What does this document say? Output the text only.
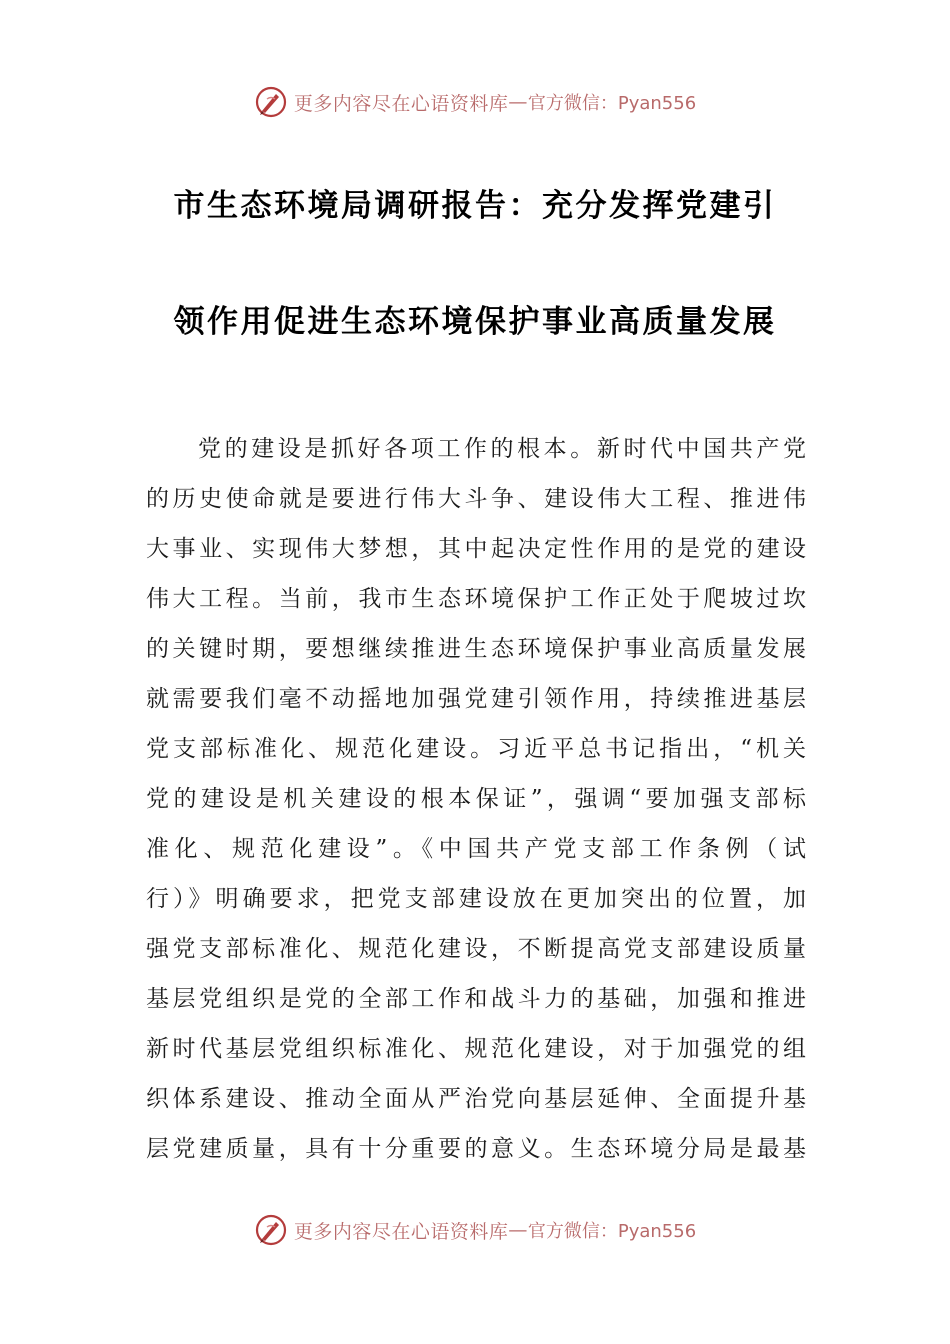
更多内容尽在心语资料库 — 官方微信：Pyan556
市生态环境局调研报告：充分发挥党建引
领作用促进生态环境保护事业高质量发展
党的建设是抓好各项工作的根本。新时代中国共产党
的历史使命就是要进行伟大斗争、建设伟大工程、推进伟
大事业、实现伟大梦想，其中起决定性作用的是党的建设
伟大工程。当前，我市生态环境保护工作正处于爬坡过坎
的关键时期，要想继续推进生态环境保护事业高质量发展
就需要我们毫不动摇地加强党建引领作用，持续推进基层
党支部标准化、规范化建设。习近平总书记指出，“机关
党的建设是机关建设的根本保证”，强调“要加强支部标
准化、规范化建设”。《中国共产党支部工作条例（试
行）》明确要求，把党支部建设放在更加突出的位置，加
强党支部标准化、规范化建设，不断提高党支部建设质量
基层党组织是党的全部工作和战斗力的基础，加强和推进
新时代基层党组织标准化、规范化建设，对于加强党的组
织体系建设、推动全面从严治党向基层延伸、全面提升基
层党建质量，具有十分重要的意义。生态环境分局是最基
更多内容尽在心语资料库 — 官方微信：Pyan556
